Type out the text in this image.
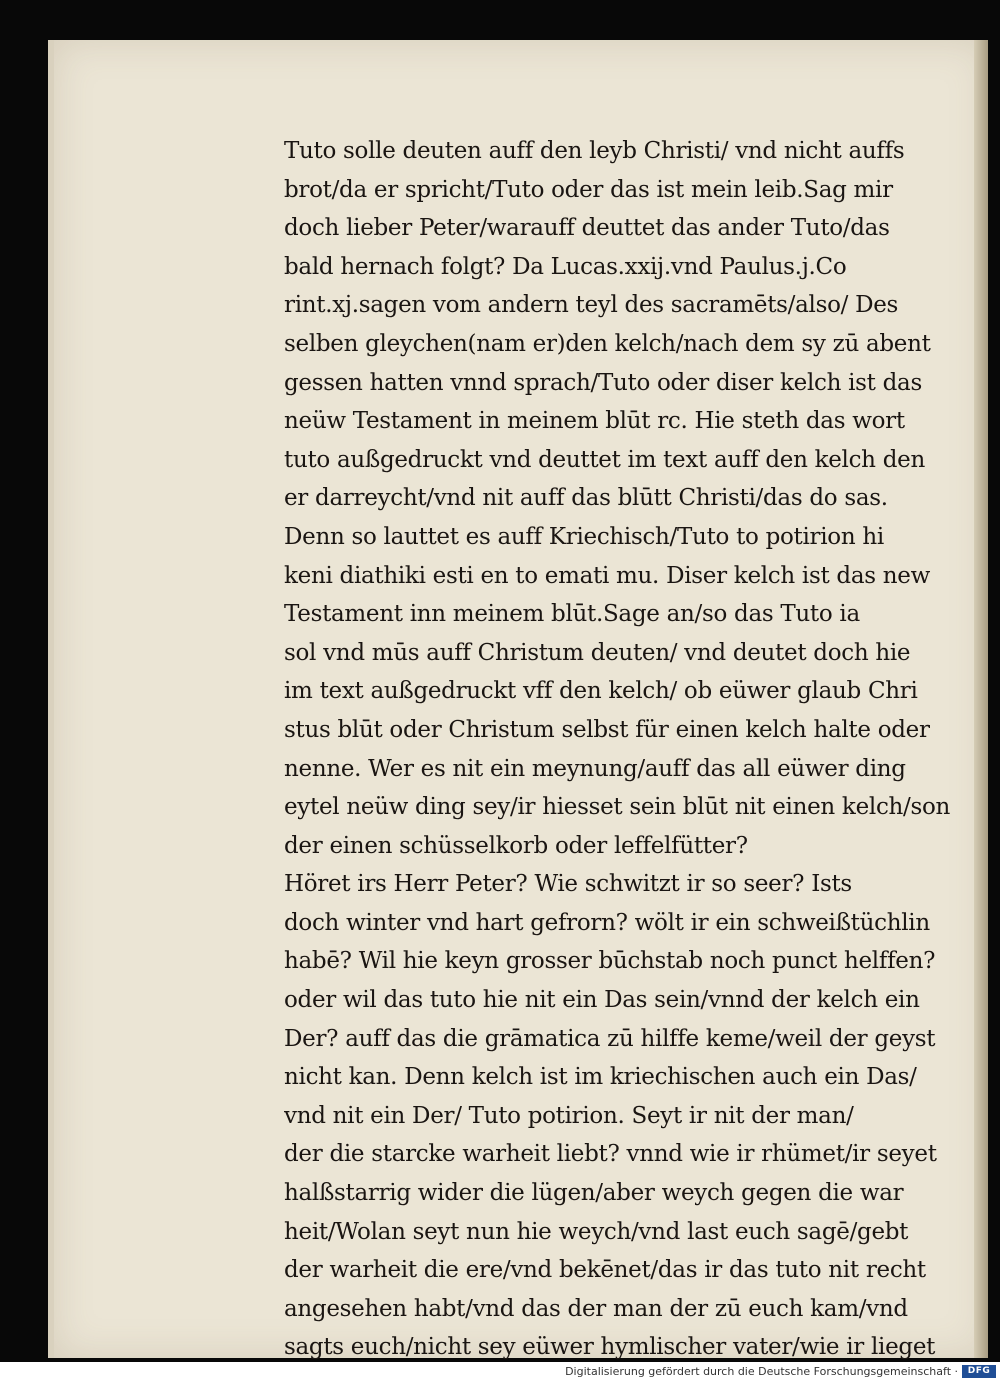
Tuto solle deuten auff den leyb Christi/ vnd nicht auffs
brot/da er spricht/Tuto oder das ist mein leib.Sag mir
doch lieber Peter/warauff deuttet das ander Tuto/das
bald hernach folgt? Da Lucas.xxij.vnd Paulus.j.Co
rint.xj.sagen vom andern teyl des sacramēts/also/ Des
selben gleychen(nam er)den kelch/nach dem sy zū abent
gessen hatten vnnd sprach/Tuto oder diser kelch ist das
neüw Testament in meinem blūt rc. Hie steth das wort
tuto außgedruckt vnd deuttet im text auff den kelch den
er darreycht/vnd nit auff das blūtt Christi/das do sas.
Denn so lauttet es auff Kriechisch/Tuto to potirion hi
keni diathiki esti en to emati mu. Diser kelch ist das new
Testament inn meinem blūt.Sage an/so das Tuto ia
sol vnd mūs auff Christum deuten/ vnd deutet doch hie
im text außgedruckt vff den kelch/ ob eüwer glaub Chri
stus blūt oder Christum selbst für einen kelch halte oder
nenne. Wer es nit ein meynung/auff das all eüwer ding
eytel neüw ding sey/ir hiesset sein blūt nit einen kelch/son
der einen schüsselkorb oder leffelfütter?
Höret irs Herr Peter? Wie schwitzt ir so seer? Ists
doch winter vnd hart gefrorn? wölt ir ein schweißtüchlin
habē? Wil hie keyn grosser būchstab noch punct helffen?
oder wil das tuto hie nit ein Das sein/vnnd der kelch ein
Der? auff das die grāmatica zū hilffe keme/weil der geyst
nicht kan. Denn kelch ist im kriechischen auch ein Das/
vnd nit ein Der/ Tuto potirion. Seyt ir nit der man/
der die starcke warheit liebt? vnnd wie ir rhümet/ir seyet
halßstarrig wider die lügen/aber weych gegen die war
heit/Wolan seyt nun hie weych/vnd last euch sagē/gebt
der warheit die ere/vnd bekēnet/das ir das tuto nit recht
angesehen habt/vnd das der man der zū euch kam/vnd
sagts euch/nicht sey eüwer hymlischer vater/wie ir lieget
Digitalisierung gefördert durch die Deutsche Forschungsgemeinschaft ·	DFG
